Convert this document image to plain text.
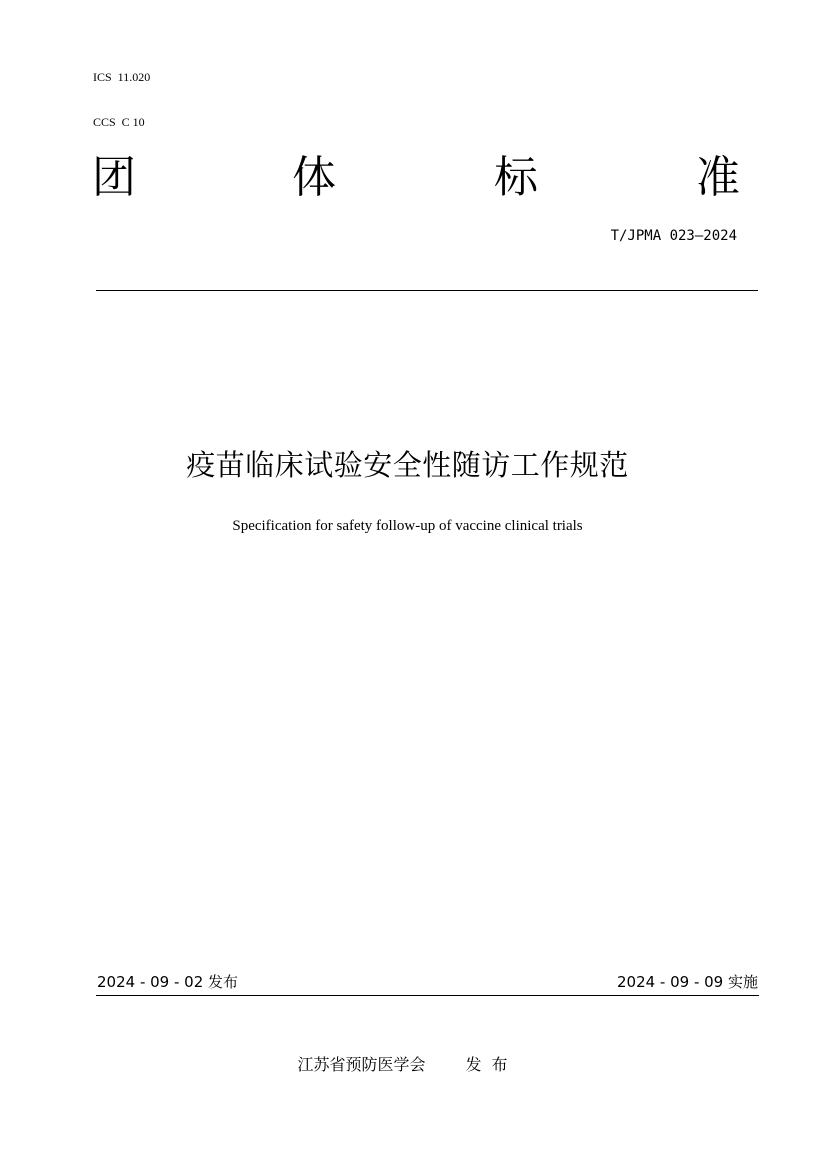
ICS  11.020

CCS  C 10

团	体	标	准
T/JPMA 023—2024
疫苗临床试验安全性随访工作规范
Specification for safety follow-up of vaccine clinical trials
2024 - 09 - 02 发布	2024 - 09 - 09 实施
江苏省预防医学会	发布
